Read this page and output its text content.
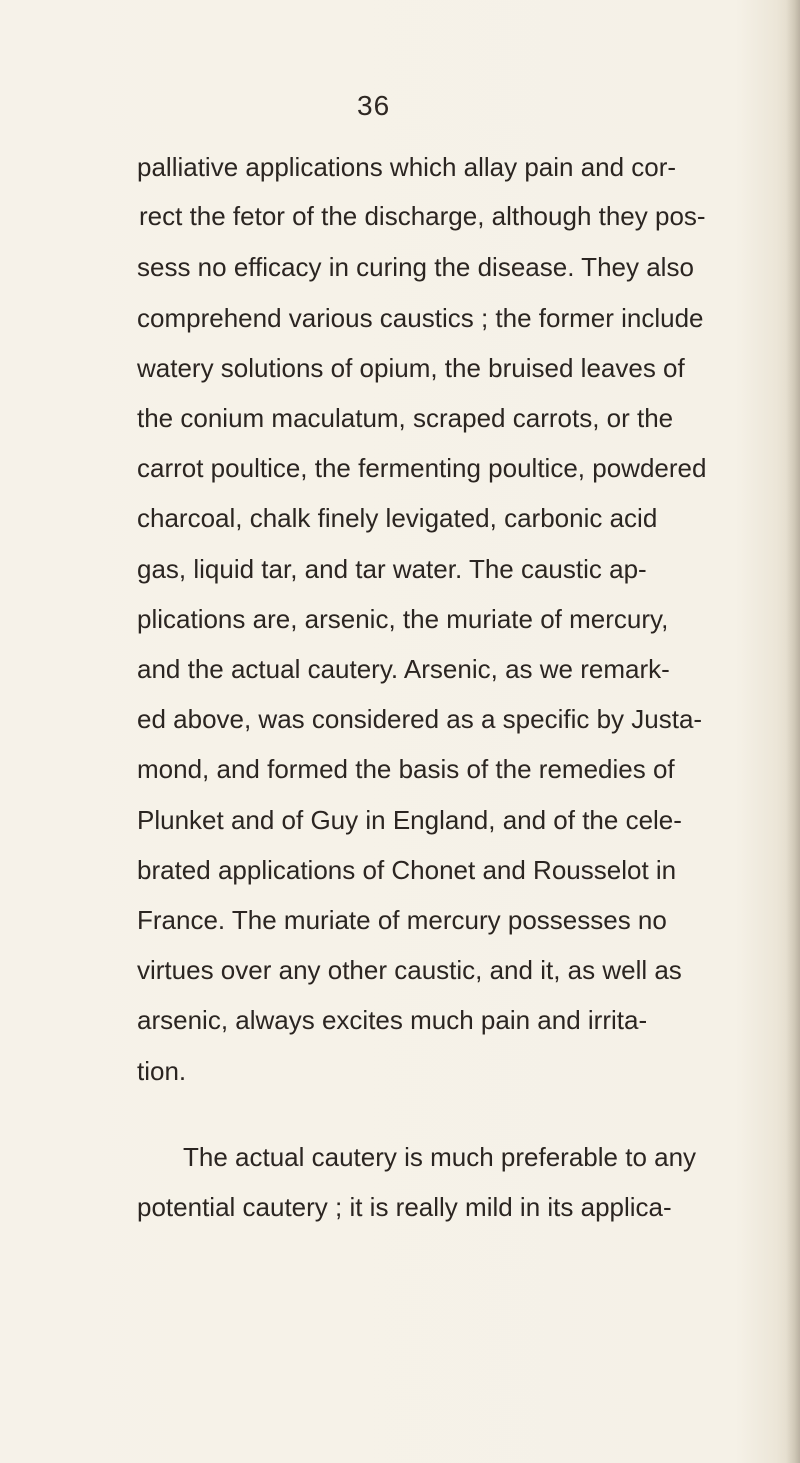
36
palliative applications which allay pain and cor-
rect the fetor of the discharge, although they pos-
sess no efficacy in curing the disease. They also
comprehend various caustics ; the former include
watery solutions of opium, the bruised leaves of
the conium maculatum, scraped carrots, or the
carrot poultice, the fermenting poultice, powdered
charcoal, chalk finely levigated, carbonic acid
gas, liquid tar, and tar water. The caustic ap-
plications are, arsenic, the muriate of mercury,
and the actual cautery. Arsenic, as we remark-
ed above, was considered as a specific by Justa-
mond, and formed the basis of the remedies of
Plunket and of Guy in England, and of the cele-
brated applications of Chonet and Rousselot in
France. The muriate of mercury possesses no
virtues over any other caustic, and it, as well as
arsenic, always excites much pain and irrita-
tion.
The actual cautery is much preferable to any
potential cautery ; it is really mild in its applica-
